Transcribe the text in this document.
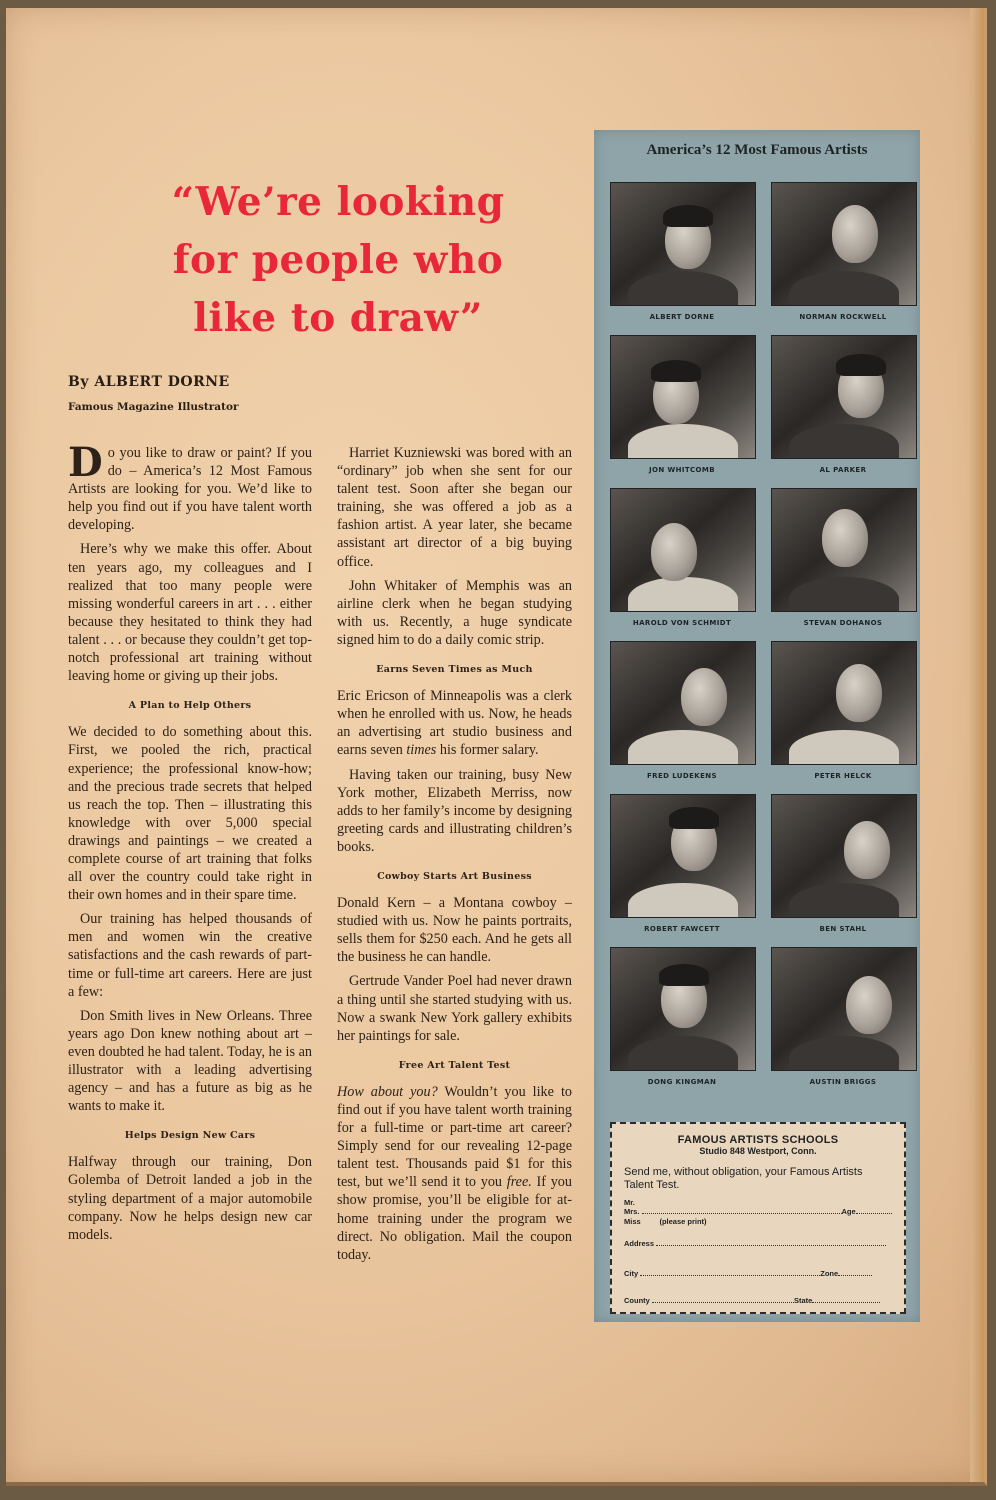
“We’re looking
for people who
like to draw”
By ALBERT DORNE
Famous Magazine Illustrator

Do you like to draw or paint? If you do – America’s 12 Most Famous Artists are looking for you. We’d like to help you find out if you have talent worth developing.

Here’s why we make this offer. About ten years ago, my colleagues and I realized that too many people were missing wonderful careers in art . . . either because they hesitated to think they had talent . . . or because they couldn’t get top-notch professional art training without leaving home or giving up their jobs.

A Plan to Help Others

We decided to do something about this. First, we pooled the rich, practical experience; the professional know-how; and the precious trade secrets that helped us reach the top. Then – illustrating this knowledge with over 5,000 special drawings and paintings – we created a complete course of art training that folks all over the country could take right in their own homes and in their spare time.

Our training has helped thousands of men and women win the creative satisfactions and the cash rewards of part-time or full-time art careers. Here are just a few:

Don Smith lives in New Orleans. Three years ago Don knew nothing about art – even doubted he had talent. Today, he is an illustrator with a leading advertising agency – and has a future as big as he wants to make it.

Helps Design New Cars

Halfway through our training, Don Golemba of Detroit landed a job in the styling department of a major automobile company. Now he helps design new car models.

Harriet Kuzniewski was bored with an “ordinary” job when she sent for our talent test. Soon after she began our training, she was offered a job as a fashion artist. A year later, she became assistant art director of a big buying office.

John Whitaker of Memphis was an airline clerk when he began studying with us. Recently, a huge syndicate signed him to do a daily comic strip.

Earns Seven Times as Much

Eric Ericson of Minneapolis was a clerk when he enrolled with us. Now, he heads an advertising art studio business and earns seven times his former salary.

Having taken our training, busy New York mother, Elizabeth Merriss, now adds to her family’s income by designing greeting cards and illustrating children’s books.

Cowboy Starts Art Business

Donald Kern – a Montana cowboy – studied with us. Now he paints portraits, sells them for $250 each. And he gets all the business he can handle.

Gertrude Vander Poel had never drawn a thing until she started studying with us. Now a swank New York gallery exhibits her paintings for sale.

Free Art Talent Test

How about you? Wouldn’t you like to find out if you have talent worth training for a full-time or part-time art career? Simply send for our revealing 12-page talent test. Thousands paid $1 for this test, but we’ll send it to you free. If you show promise, you’ll be eligible for at-home training under the program we direct. No obligation. Mail the coupon today.

America’s 12 Most Famous Artists
ALBERT DORNE	NORMAN ROCKWELL
JON WHITCOMB	AL PARKER
HAROLD VON SCHMIDT	STEVAN DOHANOS
FRED LUDEKENS	PETER HELCK
ROBERT FAWCETT	BEN STAHL
DONG KINGMAN	AUSTIN BRIGGS
FAMOUS ARTISTS SCHOOLS
Studio 848 Westport, Conn.
Send me, without obligation, your Famous Artists Talent Test.
Mr.
Mrs.	Age
Miss	(please print)
Address
City	Zone
County	State
